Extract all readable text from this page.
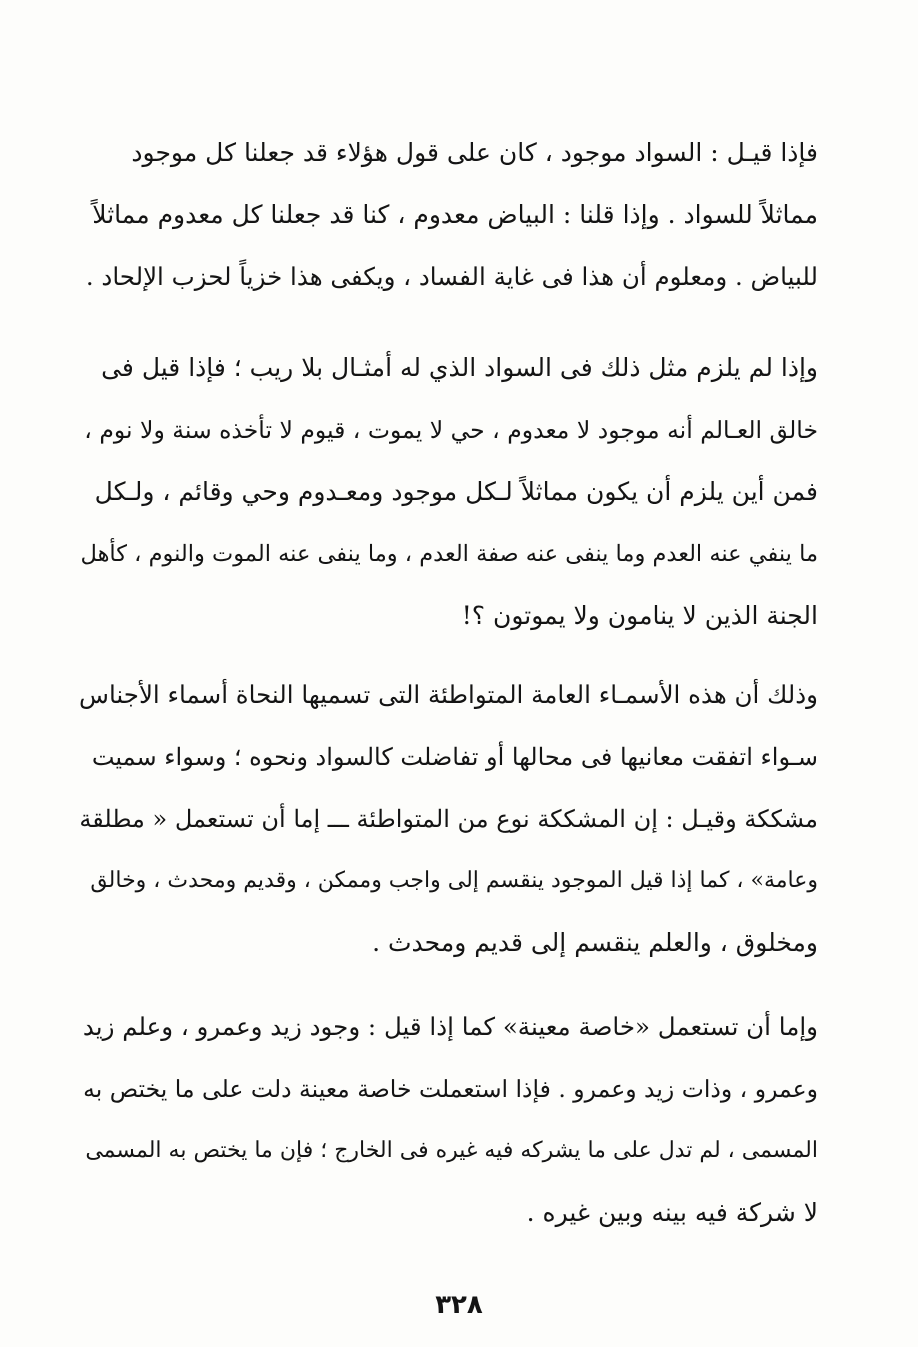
فإذا قيـل : السواد موجود ، كان على قول هؤلاء قد جعلنا كل موجود
مماثلاً للسواد . وإذا قلنا : البياض معدوم ، كنا قد جعلنا كل معدوم مماثلاً
للبياض . ومعلوم أن هذا فى غاية الفساد ، ويكفى هذا خزياً لحزب الإلحاد .
وإذا لم يلزم مثل ذلك فى السواد الذي له أمثـال بلا ريب ؛ فإذا قيل فى
خالق العـالم أنه موجود لا معدوم ، حي لا يموت ، قيوم لا تأخذه سنة ولا نوم ،
فمن أين يلزم أن يكون مماثلاً لـكل موجود ومعـدوم وحي وقائم ، ولـكل
ما ينفي عنه العدم وما ينفى عنه صفة العدم ، وما ينفى عنه الموت والنوم ، كأهل
الجنة الذين لا ينامون ولا يموتون ؟!
وذلك أن هذه الأسمـاء العامة المتواطئة التى تسميها النحاة أسماء الأجناس
سـواء اتفقت معانيها فى محالها أو تفاضلت كالسواد ونحوه ؛ وسواء سميت
مشككة وقيـل : إن المشككة نوع من المتواطئة ـــ إما أن تستعمل « مطلقة
وعامة» ، كما إذا قيل الموجود ينقسم إلى واجب وممكن ، وقديم ومحدث ، وخالق
ومخلوق ، والعلم ينقسم إلى قديم ومحدث .
وإما أن تستعمل «خاصة معينة» كما إذا قيل : وجود زيد وعمرو ، وعلم زيد
وعمرو ، وذات زيد وعمرو . فإذا استعملت خاصة معينة دلت على ما يختص به
المسمى ، لم تدل على ما يشركه فيه غيره فى الخارج ؛ فإن ما يختص به المسمى
لا شركة فيه بينه وبين غيره .
٣٢٨
